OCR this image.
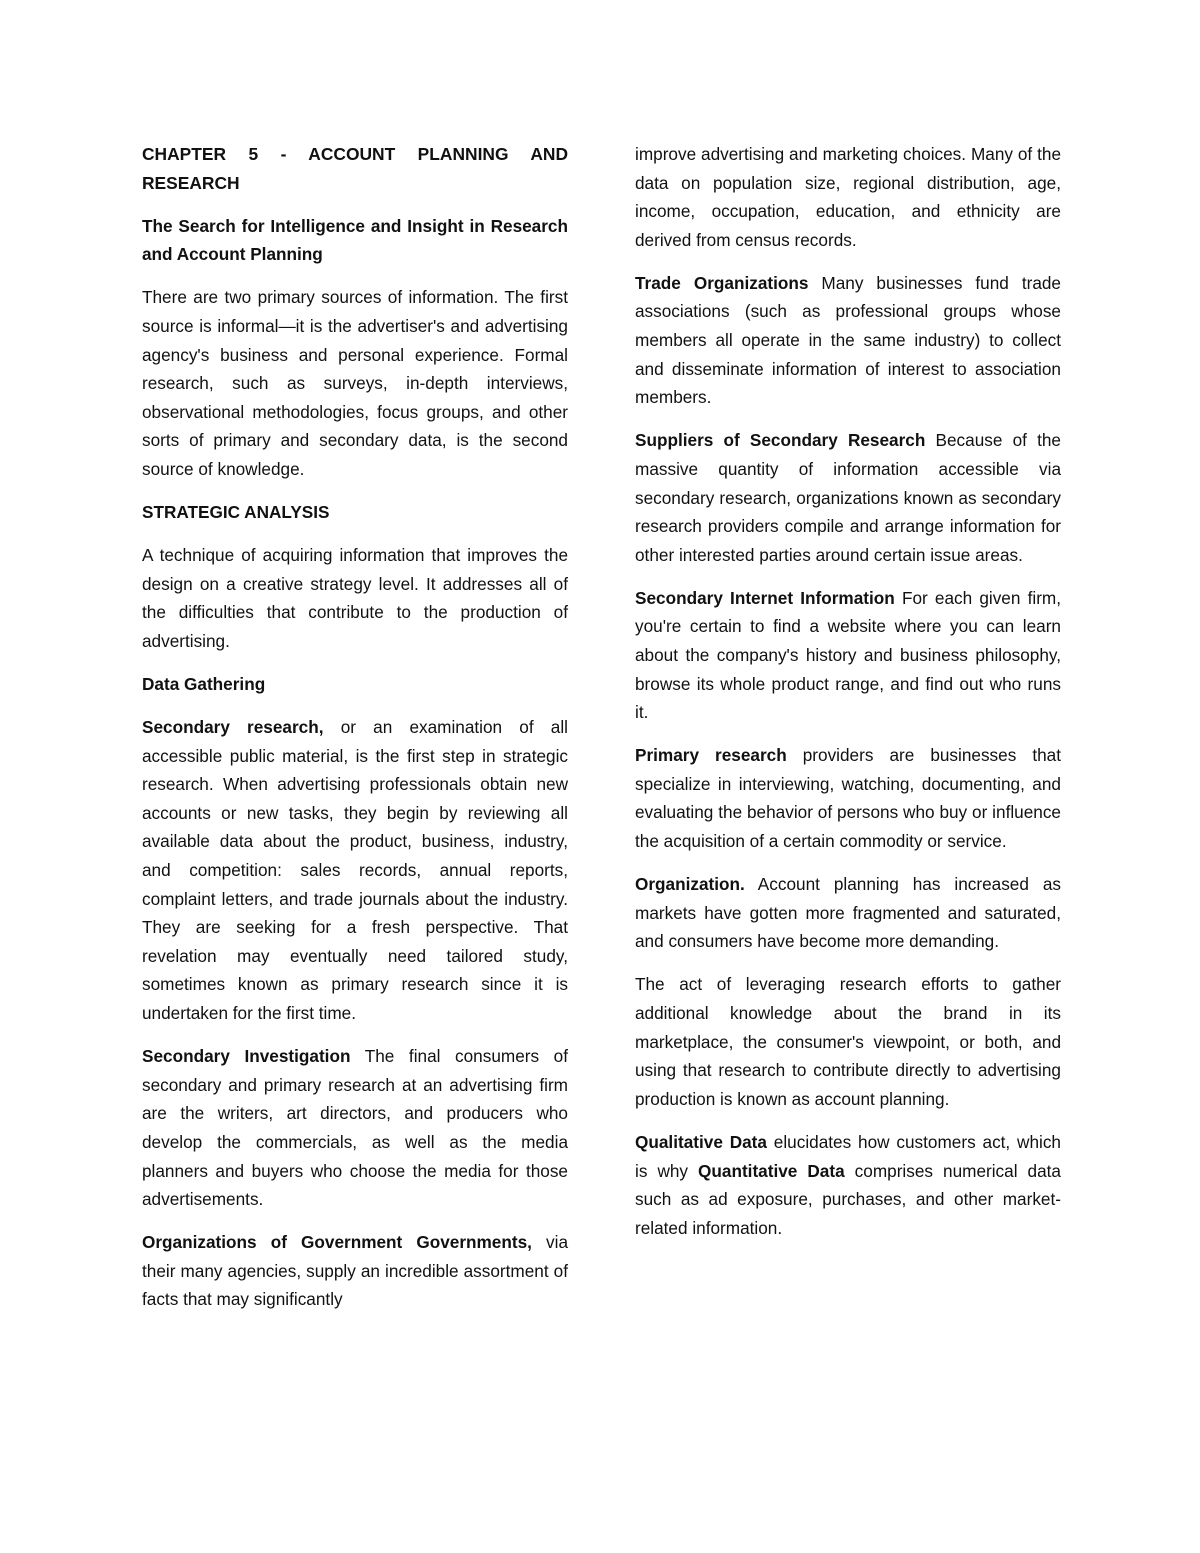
CHAPTER 5 - ACCOUNT PLANNING AND RESEARCH

The Search for Intelligence and Insight in Research and Account Planning

There are two primary sources of information. The first source is informal—it is the advertiser's and advertising agency's business and personal experience. Formal research, such as surveys, in-depth interviews, observational methodologies, focus groups, and other sorts of primary and secondary data, is the second source of knowledge.

STRATEGIC ANALYSIS

A technique of acquiring information that improves the design on a creative strategy level. It addresses all of the difficulties that contribute to the production of advertising.

Data Gathering

Secondary research, or an examination of all accessible public material, is the first step in strategic research. When advertising professionals obtain new accounts or new tasks, they begin by reviewing all available data about the product, business, industry, and competition: sales records, annual reports, complaint letters, and trade journals about the industry. They are seeking for a fresh perspective. That revelation may eventually need tailored study, sometimes known as primary research since it is undertaken for the first time.

Secondary Investigation The final consumers of secondary and primary research at an advertising firm are the writers, art directors, and producers who develop the commercials, as well as the media planners and buyers who choose the media for those advertisements.

Organizations of Government Governments, via their many agencies, supply an incredible assortment of facts that may significantly

improve advertising and marketing choices. Many of the data on population size, regional distribution, age, income, occupation, education, and ethnicity are derived from census records.

Trade Organizations Many businesses fund trade associations (such as professional groups whose members all operate in the same industry) to collect and disseminate information of interest to association members.

Suppliers of Secondary Research Because of the massive quantity of information accessible via secondary research, organizations known as secondary research providers compile and arrange information for other interested parties around certain issue areas.

Secondary Internet Information For each given firm, you're certain to find a website where you can learn about the company's history and business philosophy, browse its whole product range, and find out who runs it.

Primary research providers are businesses that specialize in interviewing, watching, documenting, and evaluating the behavior of persons who buy or influence the acquisition of a certain commodity or service.

Organization. Account planning has increased as markets have gotten more fragmented and saturated, and consumers have become more demanding.

The act of leveraging research efforts to gather additional knowledge about the brand in its marketplace, the consumer's viewpoint, or both, and using that research to contribute directly to advertising production is known as account planning.

Qualitative Data elucidates how customers act, which is why Quantitative Data comprises numerical data such as ad exposure, purchases, and other market-related information.
